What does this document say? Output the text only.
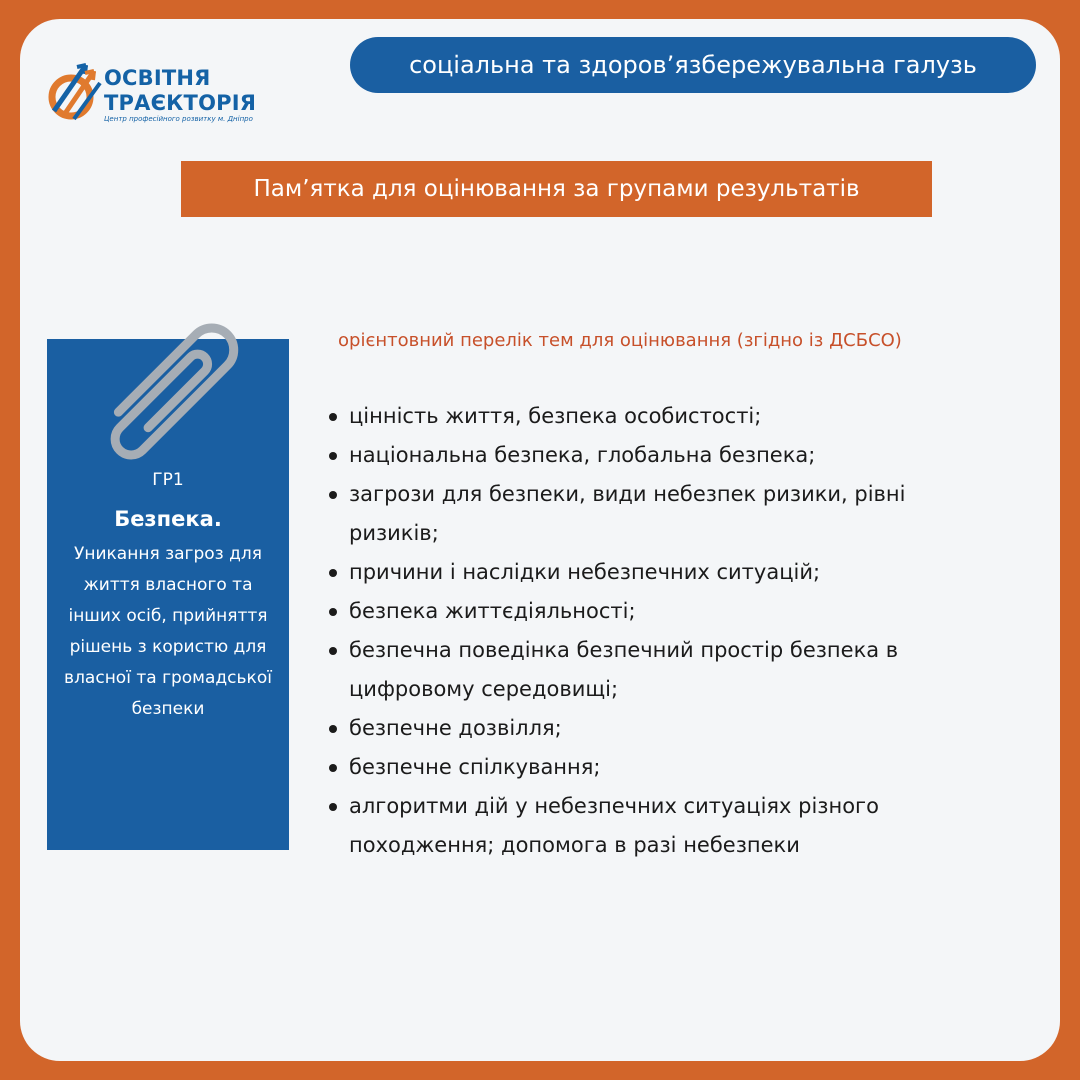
ОСВІТНЯ
ТРАЄКТОРІЯ
Центр професійного розвитку м. Дніпро
соціальна та здоров’язбережувальна галузь
Пам’ятка для оцінювання за групами результатів
ГР1
Безпека.
Уникання загроз для
життя власного та
інших осіб, прийняття
рішень з користю для
власної та громадської
безпеки
орієнтовний перелік тем для оцінювання (згідно із ДСБСО)
цінність життя, безпека особистості;
національна безпека, глобальна безпека;
загрози для безпеки, види небезпек ризики, рівні
ризиків;
причини і наслідки небезпечних ситуацій;
безпека життєдіяльності;
безпечна поведінка безпечний простір безпека в
цифровому середовищі;
безпечне дозвілля;
безпечне спілкування;
алгоритми дій у небезпечних ситуаціях різного
походження; допомога в разі небезпеки
